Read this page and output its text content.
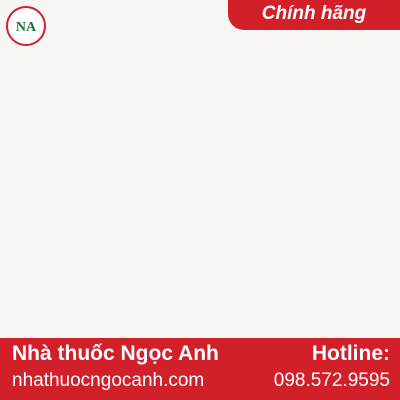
NA
Chính hãng
Nhà thuốc Ngọc Anh
nhathuocngocanh.com
Hotline:
098.572.9595
